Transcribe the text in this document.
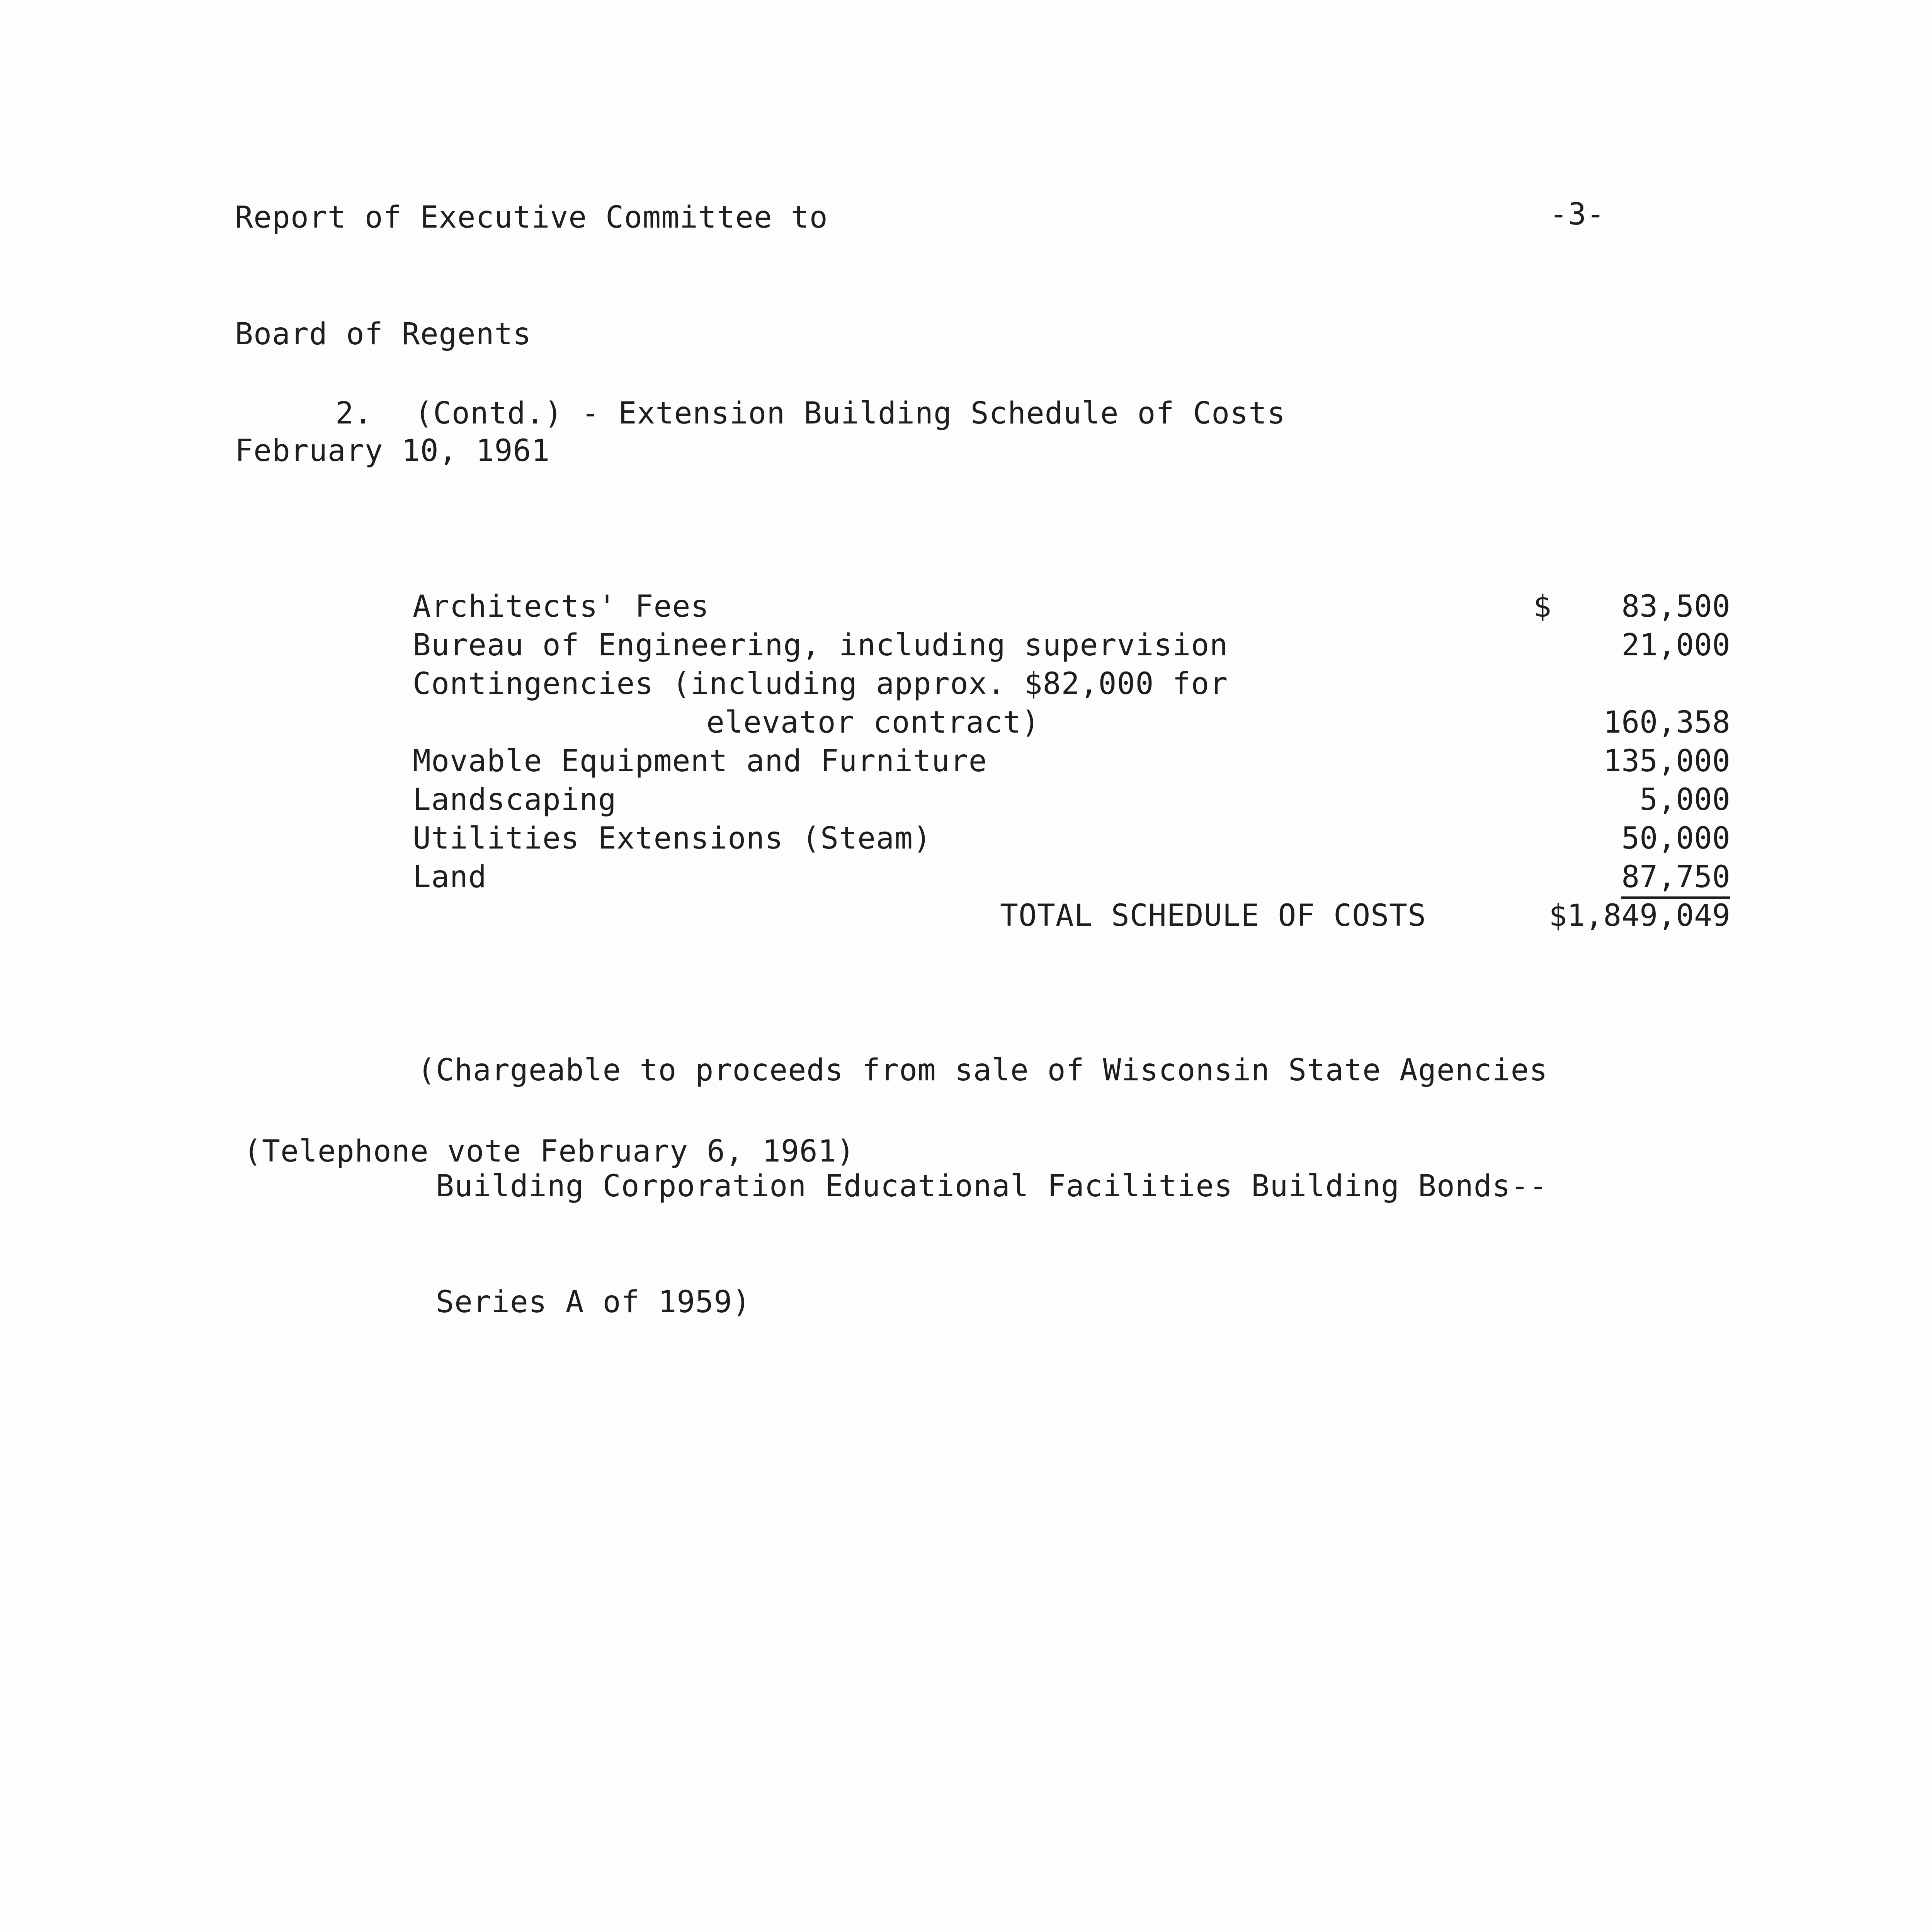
Report of Executive Committee to

Board of Regents

February 10, 1961

-3-

2.

(Contd.) - Extension Building Schedule of Costs

Architects' Fees	$ 83,500
Bureau of Engineering, including supervision	21,000
Contingencies (including approx. $82,000 for
elevator contract)	160,358
Movable Equipment and Furniture	135,000
Landscaping	5,000
Utilities Extensions (Steam)	50,000
Land	87,750
TOTAL SCHEDULE OF COSTS	$1,849,049

(Chargeable to proceeds from sale of Wisconsin State Agencies

Building Corporation Educational Facilities Building Bonds--

Series A of 1959)

(Telephone vote February 6, 1961)
